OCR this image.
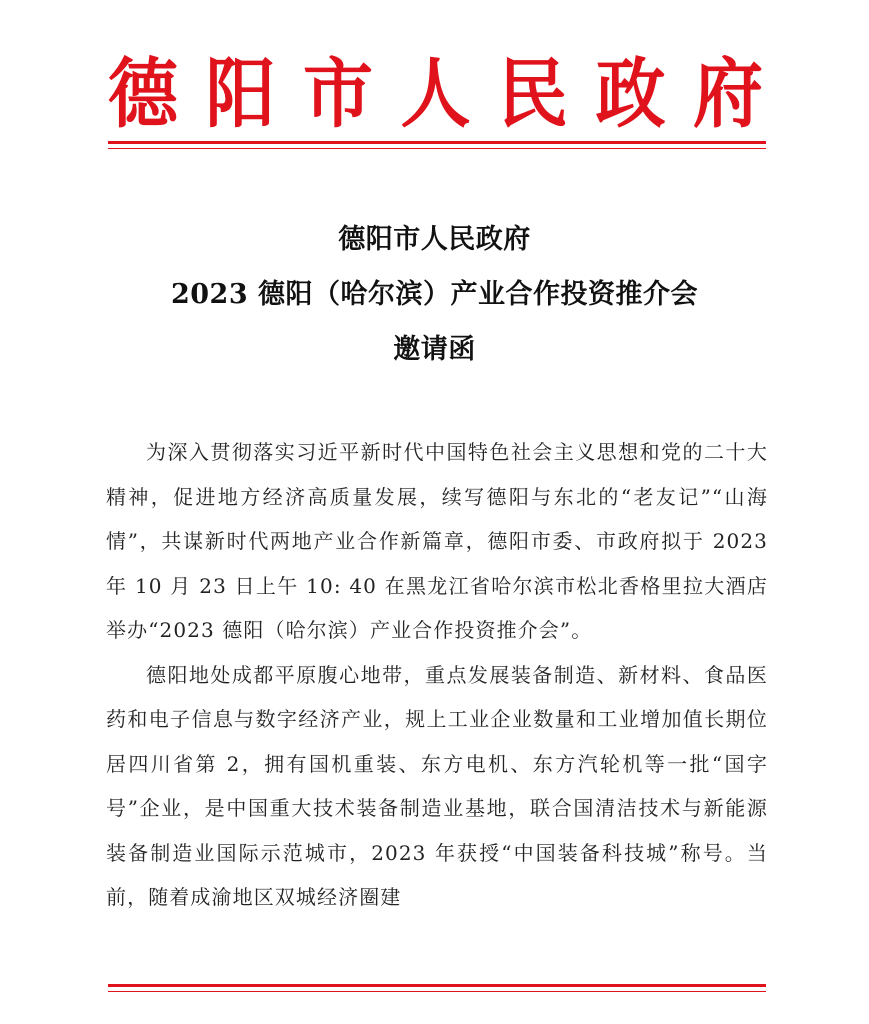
德 阳 市 人 民 政 府
德阳市人民政府
2023 德阳（哈尔滨）产业合作投资推介会
邀请函

为深入贯彻落实习近平新时代中国特色社会主义思想和党的二十大精神，促进地方经济高质量发展，续写德阳与东北的“老友记”“山海情”，共谋新时代两地产业合作新篇章，德阳市委、市政府拟于 2023 年 10 月 23 日上午 10: 40 在黑龙江省哈尔滨市松北香格里拉大酒店举办“2023 德阳（哈尔滨）产业合作投资推介会”。

德阳地处成都平原腹心地带，重点发展装备制造、新材料、食品医药和电子信息与数字经济产业，规上工业企业数量和工业增加值长期位居四川省第 2，拥有国机重装、东方电机、东方汽轮机等一批“国字号”企业，是中国重大技术装备制造业基地，联合国清洁技术与新能源装备制造业国际示范城市，2023 年获授“中国装备科技城”称号。当前，随着成渝地区双城经济圈建
